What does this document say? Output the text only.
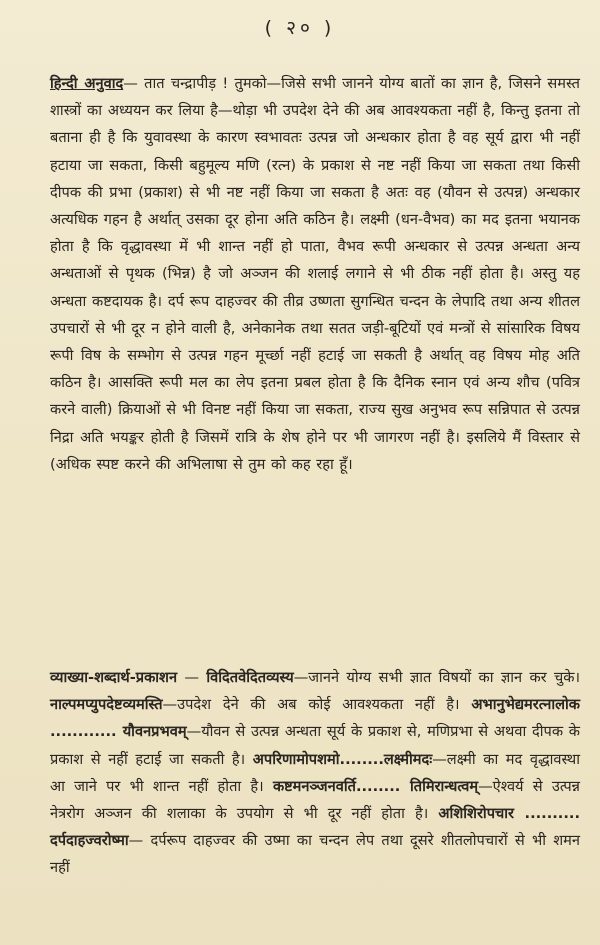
( २० )
हिन्दी अनुवाद— तात चन्द्रापीड़ ! तुमको—जिसे सभी जानने योग्य बातों का ज्ञान है, जिसने समस्त शास्त्रों का अध्ययन कर लिया है—थोड़ा भी उपदेश देने की अब आवश्यकता नहीं है, किन्तु इतना तो बताना ही है कि युवावस्था के कारण स्वभावतः उत्पन्न जो अन्धकार होता है वह सूर्य द्वारा भी नहीं हटाया जा सकता, किसी बहुमूल्य मणि (रत्न) के प्रकाश से नष्ट नहीं किया जा सकता तथा किसी दीपक की प्रभा (प्रकाश) से भी नष्ट नहीं किया जा सकता है अतः वह (यौवन से उत्पन्न) अन्धकार अत्यधिक गहन है अर्थात् उसका दूर होना अति कठिन है। लक्ष्मी (धन-वैभव) का मद इतना भयानक होता है कि वृद्धावस्था में भी शान्त नहीं हो पाता, वैभव रूपी अन्धकार से उत्पन्न अन्धता अन्य अन्धताओं से पृथक (भिन्न) है जो अञ्जन की शलाई लगाने से भी ठीक नहीं होता है। अस्तु यह अन्धता कष्टदायक है। दर्प रूप दाहज्वर की तीव्र उष्णता सुगन्धित चन्दन के लेपादि तथा अन्य शीतल उपचारों से भी दूर न होने वाली है, अनेकानेक तथा सतत जड़ी-बूटियों एवं मन्त्रों से सांसारिक विषय रूपी विष के सम्भोग से उत्पन्न गहन मूर्च्छा नहीं हटाई जा सकती है अर्थात् वह विषय मोह अति कठिन है। आसक्ति रूपी मल का लेप इतना प्रबल होता है कि दैनिक स्नान एवं अन्य शौच (पवित्र करने वाली) क्रियाओं से भी विनष्ट नहीं किया जा सकता, राज्य सुख अनुभव रूप सन्निपात से उत्पन्न निद्रा अति भयङ्कर होती है जिसमें रात्रि के शेष होने पर भी जागरण नहीं है। इसलिये मैं विस्तार से (अधिक स्पष्ट करने की अभिलाषा से तुम को कह रहा हूँ।
व्याख्या-शब्दार्थ-प्रकाशन — विदितवेदितव्यस्य—जानने योग्य सभी ज्ञात विषयों का ज्ञान कर चुके। नाल्पमप्युपदेष्टव्यमस्ति—उपदेश देने की अब कोई आवश्यकता नहीं है। अभानुभेद्यमरत्नालोक ............ यौवनप्रभवम्—यौवन से उत्पन्न अन्धता सूर्य के प्रकाश से, मणिप्रभा से अथवा दीपक के प्रकाश से नहीं हटाई जा सकती है। अपरिणामोपशमो........लक्ष्मीमदः—लक्ष्मी का मद वृद्धावस्था आ जाने पर भी शान्त नहीं होता है। कष्टमनञ्जनवर्ति........ तिमिरान्धत्वम्—ऐश्वर्य से उत्पन्न नेत्ररोग अञ्जन की शलाका के उपयोग से भी दूर नहीं होता है। अशिशिरोपचार .......... दर्पदाहज्वरोष्मा— दर्परूप दाहज्वर की उष्मा का चन्दन लेप तथा दूसरे शीतलोपचारों से भी शमन नहीं
